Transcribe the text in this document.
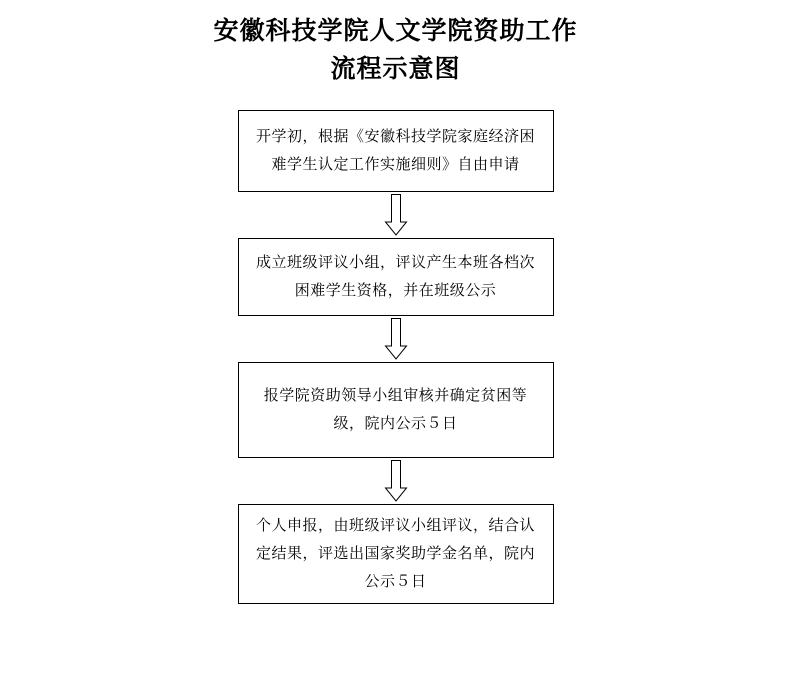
安徽科技学院人文学院资助工作
流程示意图
开学初，根据《安徽科技学院家庭经济困难学生认定工作实施细则》自由申请
成立班级评议小组，评议产生本班各档次困难学生资格，并在班级公示
报学院资助领导小组审核并确定贫困等级，院内公示５日
个人申报，由班级评议小组评议，结合认定结果，评选出国家奖助学金名单，院内公示５日
